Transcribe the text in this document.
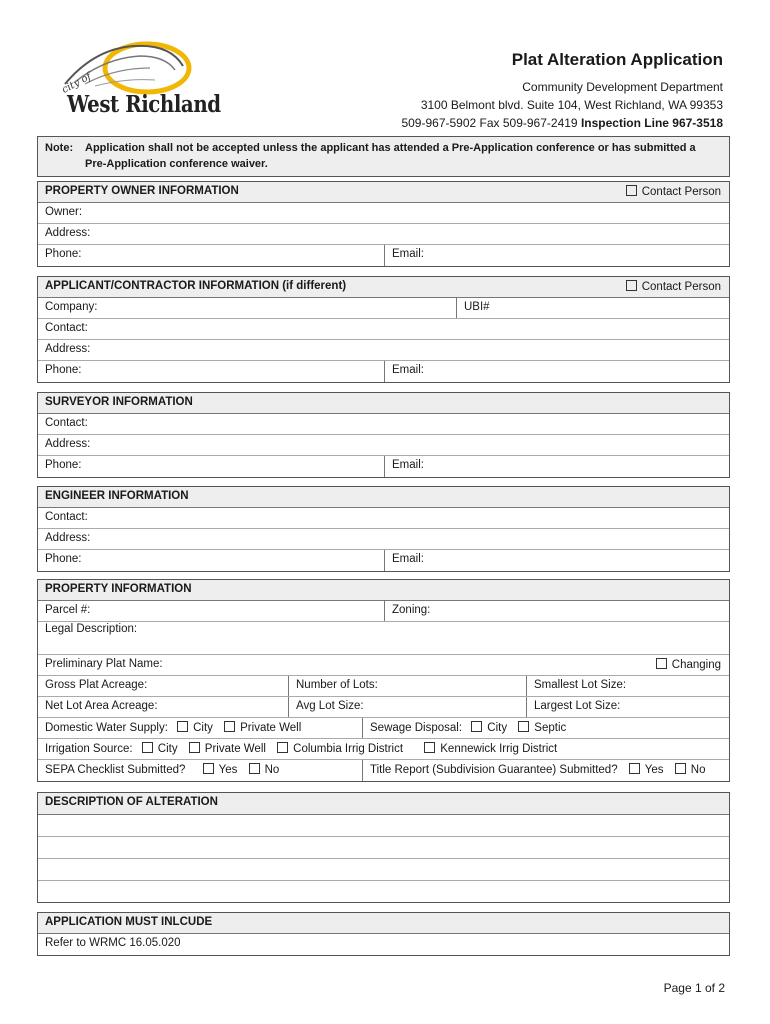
city of
West Richland
Plat Alteration Application
Community Development Department
3100 Belmont blvd. Suite 104, West Richland, WA 99353
509-967-5902 Fax 509-967-2419 Inspection Line 967-3518
Note: Application shall not be accepted unless the applicant has attended a Pre-Application conference or has submitted a
Pre-Application conference waiver.
PROPERTY OWNER INFORMATION	Contact Person
Owner:
Address:
Phone:	Email:
APPLICANT/CONTRACTOR INFORMATION (if different)	Contact Person
Company:	UBI#
Contact:
Address:
Phone:	Email:
SURVEYOR INFORMATION
Contact:
Address:
Phone:	Email:
ENGINEER INFORMATION
Contact:
Address:
Phone:	Email:
PROPERTY INFORMATION
Parcel #:	Zoning:
Legal Description:
Preliminary Plat Name:	Changing
Gross Plat Acreage:	Number of Lots:	Smallest Lot Size:
Net Lot Area Acreage:	Avg Lot Size:	Largest Lot Size:
Domestic Water Supply: City Private Well	Sewage Disposal: City Septic
Irrigation Source: City Private Well Columbia Irrig District	Kennewick Irrig District
SEPA Checklist Submitted?	Yes No	Title Report (Subdivision Guarantee) Submitted? Yes No
DESCRIPTION OF ALTERATION
APPLICATION MUST INLCUDE
Refer to WRMC 16.05.020
Page 1 of 2
